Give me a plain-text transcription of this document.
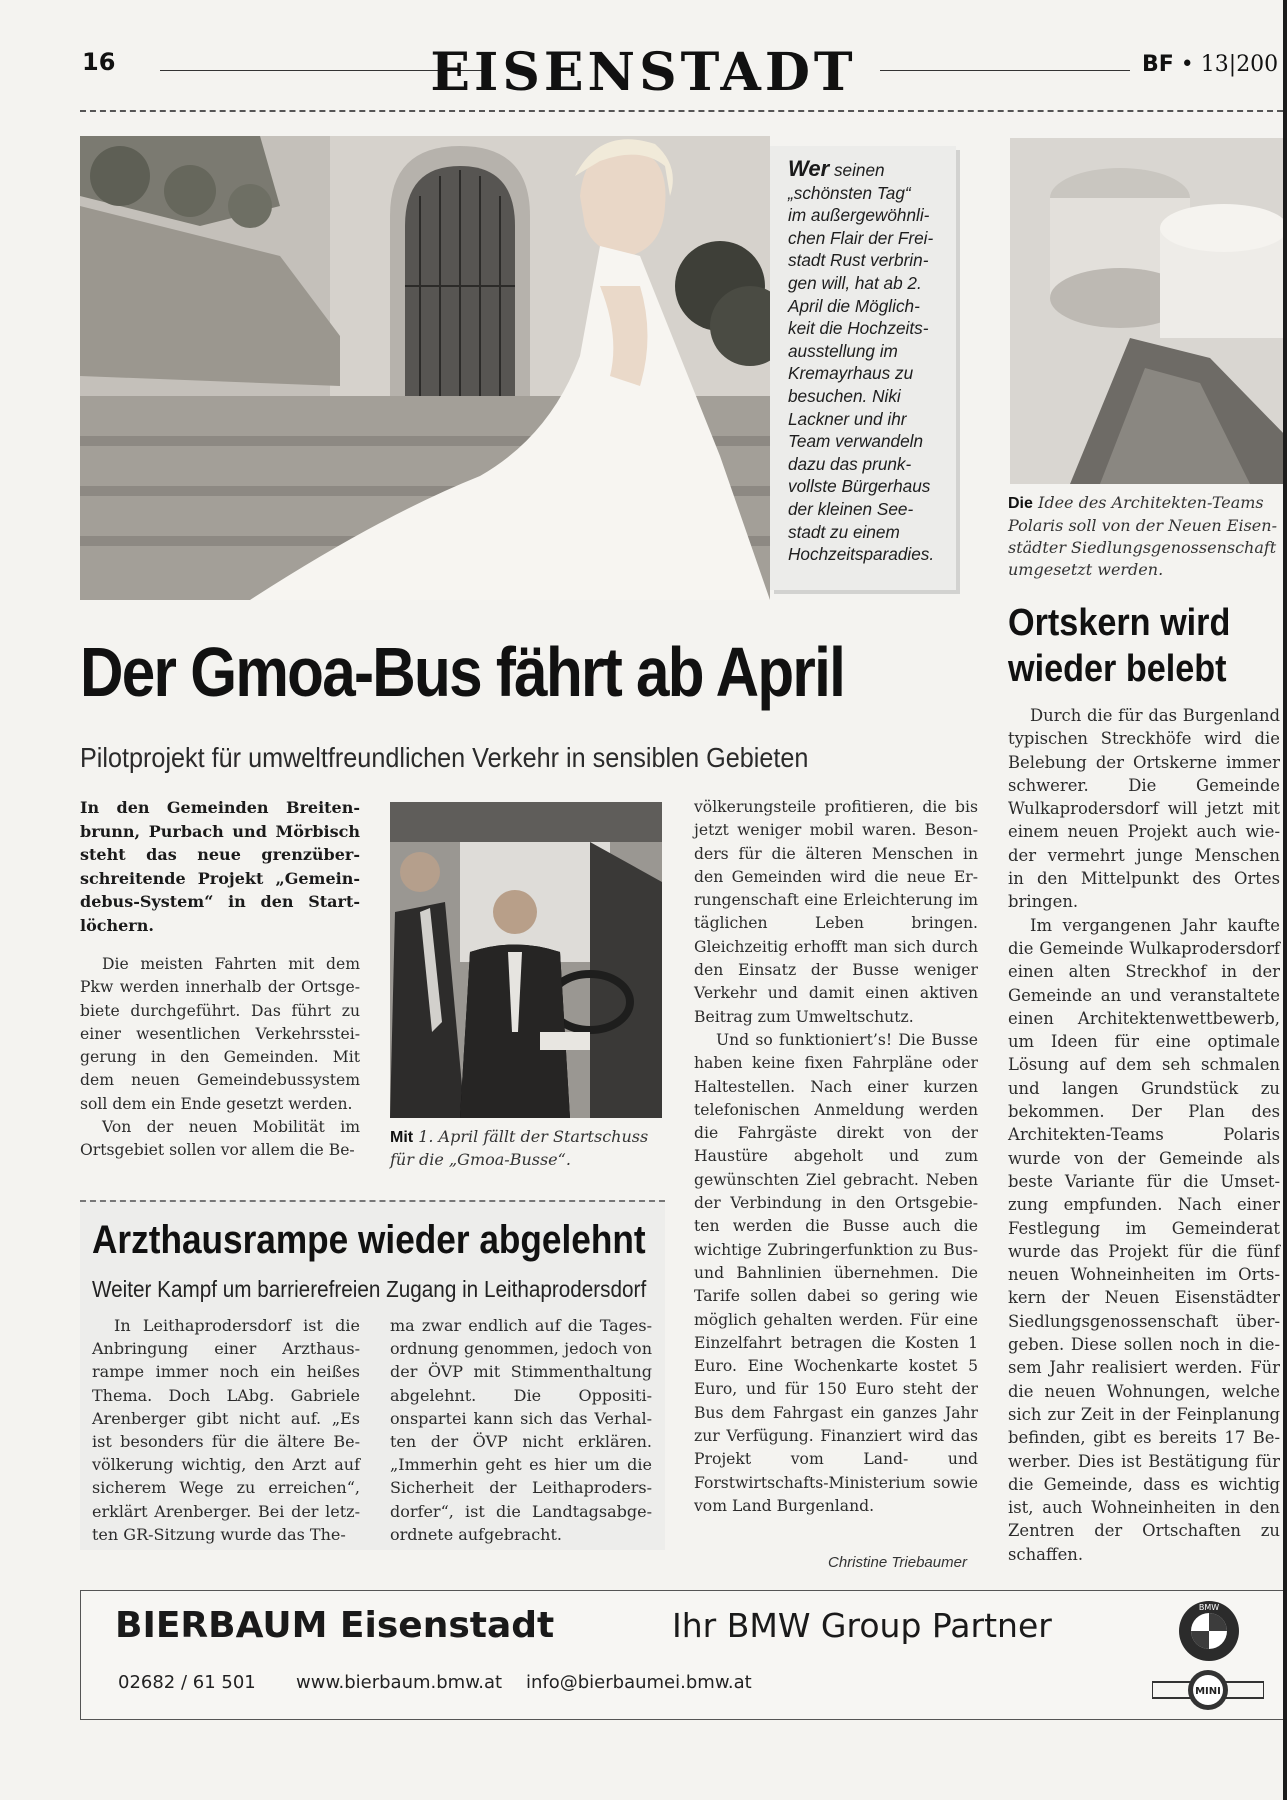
16	EISENSTADT	BF • 13|200
Wer seinen
„schönsten Tag“
im außergewöhnli-
chen Flair der Frei-
stadt Rust verbrin-
gen will, hat ab 2.
April die Möglich-
keit die Hochzeits-
ausstellung im
Kremayrhaus zu
besuchen. Niki
Lackner und ihr
Team verwandeln
dazu das prunk-
vollste Bürgerhaus
der kleinen See-
stadt zu einem
Hochzeitsparadies.
Die Idee des Architekten-Teams Polaris soll von der Neuen Eisenstädter Siedlungsgenossenschaft umgesetzt werden.
Der Gmoa-Bus fährt ab April
Pilotprojekt für umweltfreundlichen Verkehr in sensiblen Gebieten

In den Gemeinden Breitenbrunn, Purbach und Mörbisch steht das neue grenzüberschreitende Projekt „Gemeindebus-System“ in den Startlöchern.

Die meisten Fahrten mit dem Pkw werden innerhalb der Ortsgebiete durchgeführt. Das führt zu einer wesentlichen Verkehrssteigerung in den Gemeinden. Mit dem neuen Gemeindebussystem soll dem ein Ende gesetzt werden.

Von der neuen Mobilität im Ortsgebiet sollen vor allem die Be-

Mit 1. April fällt der Startschuss für die „Gmoa-Busse“.

völkerungsteile profitieren, die bis jetzt weniger mobil waren. Besonders für die älteren Menschen in den Gemeinden wird die neue Errungenschaft eine Erleichterung im täglichen Leben bringen. Gleichzeitig erhofft man sich durch den Einsatz der Busse weniger Verkehr und damit einen aktiven Beitrag zum Umweltschutz.

Und so funktioniert’s! Die Busse haben keine fixen Fahrpläne oder Haltestellen. Nach einer kurzen telefonischen Anmeldung werden die Fahrgäste direkt von der Haustüre abgeholt und zum gewünschten Ziel gebracht. Neben der Verbindung in den Ortsgebieten werden die Busse auch die wichtige Zubringerfunktion zu Bus- und Bahnlinien übernehmen. Die Tarife sollen dabei so gering wie möglich gehalten werden. Für eine Einzelfahrt betragen die Kosten 1 Euro. Eine Wochenkarte kostet 5 Euro, und für 150 Euro steht der Bus dem Fahrgast ein ganzes Jahr zur Verfügung. Finanziert wird das Projekt vom Land- und Forstwirtschafts-Ministerium sowie vom Land Burgenland.

Christine Triebaumer
Arzthausrampe wieder abgelehnt
Weiter Kampf um barrierefreien Zugang in Leithaprodersdorf

In Leithaprodersdorf ist die Anbringung einer Arzthausrampe immer noch ein heißes Thema. Doch LAbg. Gabriele Arenberger gibt nicht auf. „Es ist besonders für die ältere Bevölkerung wichtig, den Arzt auf sicherem Wege zu erreichen“, erklärt Arenberger. Bei der letzten GR-Sitzung wurde das The-

ma zwar endlich auf die Tagesordnung genommen, jedoch von der ÖVP mit Stimmenthaltung abgelehnt. Die Oppositionspartei kann sich das Verhalten der ÖVP nicht erklären. „Immerhin geht es hier um die Sicherheit der Leithaprodersdorfer“, ist die Landtagsabgeordnete aufgebracht.

Ortskern wird
wieder belebt

Durch die für das Burgenland typischen Streckhöfe wird die Belebung der Ortskerne immer schwerer. Die Gemeinde Wulkaprodersdorf will jetzt mit einem neuen Projekt auch wieder vermehrt junge Menschen in den Mittelpunkt des Ortes bringen.

Im vergangenen Jahr kaufte die Gemeinde Wulkaprodersdorf einen alten Streckhof in der Gemeinde an und veranstaltete einen Architektenwettbewerb, um Ideen für eine optimale Lösung auf dem seh schmalen und langen Grundstück zu bekommen. Der Plan des Architekten-Teams Polaris wurde von der Gemeinde als beste Variante für die Umsetzung empfunden. Nach einer Festlegung im Gemeinderat wurde das Projekt für die fünf neuen Wohneinheiten im Ortskern der Neuen Eisenstädter Siedlungsgenossenschaft übergeben. Diese sollen noch in diesem Jahr realisiert werden. Für die neuen Wohnungen, welche sich zur Zeit in der Feinplanung befinden, gibt es bereits 17 Bewerber. Dies ist Bestätigung für die Gemeinde, dass es wichtig ist, auch Wohneinheiten in den Zentren der Ortschaften zu schaffen.

BIERBAUM Eisenstadt	Ihr BMW Group Partner
02682 / 61 501 www.bierbaum.bmw.at info@bierbaumei.bmw.at
BMW
MINI
